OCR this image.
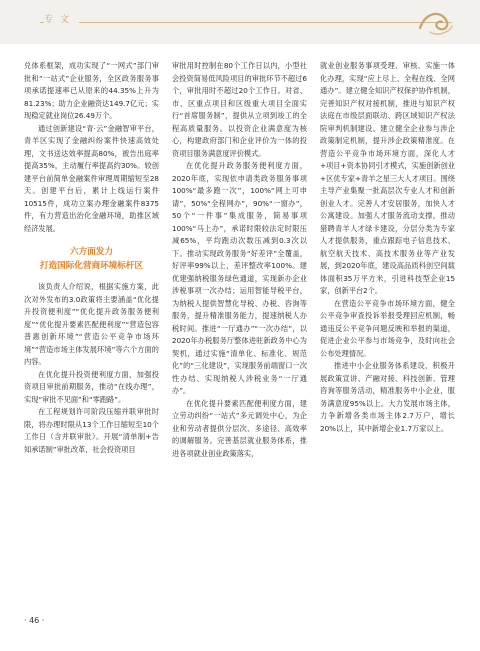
专 文

兑体系框架，成功实现了“一网式”部门审批和“一站式”企业服务，全区政务服务事项承诺提速率已从原来的44.35%上升为81.23%；助力企业融资达149.7亿元；实现稳定就业岗位26.49万个。

通过创新建设“青·云”金融智审平台，青羊区实现了金融纠纷案件快速高效处理，文书送达效率提高80%，被告出庭率提高35%，主动履行率提高约30%。较创建平台前简单金融案件审理周期缩短至28天。创建平台后，累计上线运行案件10515件，成功立案办理金融案件8375件，有力营造出治化金融环境，助推区域经济发展。

六方面发力
打造国际化营商环境标杆区

该负责人介绍说，根据实施方案，此次对外发布的3.0政策将主要涵盖“优化提升投资便利度”“优化提升政务服务便利度”“优化提升要素匹配便利度”“营造包容普惠创新环境”“营造公平竞争市场环境”“营造市场主体发展环境”等六个方面的内容。

在优化提升投资便利度方面，加强投资项目审批前期服务，推动“在线办理”，实现“审批不见面”和“零跑路”。

在工程规划许可阶段压缩并联审批时限，将办理时限从13个工作日缩短至10个工作日（含并联审批）。开展“清单制+告知承诺制”审批改革，社会投资项目

审批用时控制在80个工作日以内，小型社会投资简易低风险项目的审批环节不超过6个，审批用时不超过20个工作日。对省、市、区重点项目和区级重大项目全面实行“首席服务制”，提供从立项到竣工的全程高质量服务。以投资企业满意度为核心，构建政府部门和企业评价为一体的投资项目服务满意度评价模式。

在优化提升政务服务便利度方面，2020年底，实现依申请类政务服务事项100%“最多跑一次”，100%“网上可申请”，50%“全程网办”，90%“一窗办”，50个“一件事”集成服务，简易事项100%“马上办”，承诺时限较法定时限压减65%，平均跑动次数压减到0.3次以下。推动实现政务服务“好差评”全覆盖，好评率99%以上，差评整改率100%。建优建强纳税服务绿色通道，实现新办企业涉税事项一次办结；运用智能导税平台，为纳税人提供智慧化导税、办税、咨询等服务，提升精准服务能力，提速纳税人办税时间。推进“一厅通办”“一次办结”，以2020年办税服务厅整体进驻新政务中心为契机，通过实施“清单化、标准化、规范化”的“三化建设”，实现服务前端窗口一次性办结、实现纳税人涉税业务“一厅通办”。

在优化提升要素匹配便利度方面，建立劳动纠纷“一站式”多元调处中心，为企业和劳动者提供分层次、多途径、高效率的调解服务。完善基层就业服务体系，推进各项就业创业政策落实，

就业创业服务事项受理、审核、实施一体化办理，实现“应上尽上、全程在线、全网通办”。建立健全知识产权保护协作机制，完善知识产权对接机制，推进与知识产权法庭在市级层面联动、跨区域知识产权法院审判机制建设。建立健全企业参与涉企政策制定机制，提升涉企政策精准度。在营造公平竞争市场环境方面，深化人才+项目+资本协同引才模式，实施创新创业+区优专家+青羊之星三大人才项目。围绕主导产业集聚一批高层次专业人才和创新创业人才。完善人才安居服务，加快人才公寓建设。加强人才服务流动支撑，推动猎聘青羊人才绿卡建设，分层分类为专家人才提供服务，重点跟踪电子信息技术、航空航天技术、高技术服务业等产业发展，到2020年底，建设高品质科创空间载体面积35万平方米，引进科技型企业15家，创新平台2个。

在营造公平竞争市场环境方面，健全公平竞争审查投诉举报受理回应机制，畅通违反公平竞争问题反映和举报的渠道，促进企业公平参与市场竞争，及时向社会公布处理情况。

推进中小企业服务体系建设，积极开展政策宣讲、产融对接、科技创新、管理咨询等服务活动，精准服务中小企业，服务满意度95%以上。大力发展市场主体，力争新增各类市场主体2.7万户，增长20%以上，其中新增企业1.7万家以上。

· 46 ·
